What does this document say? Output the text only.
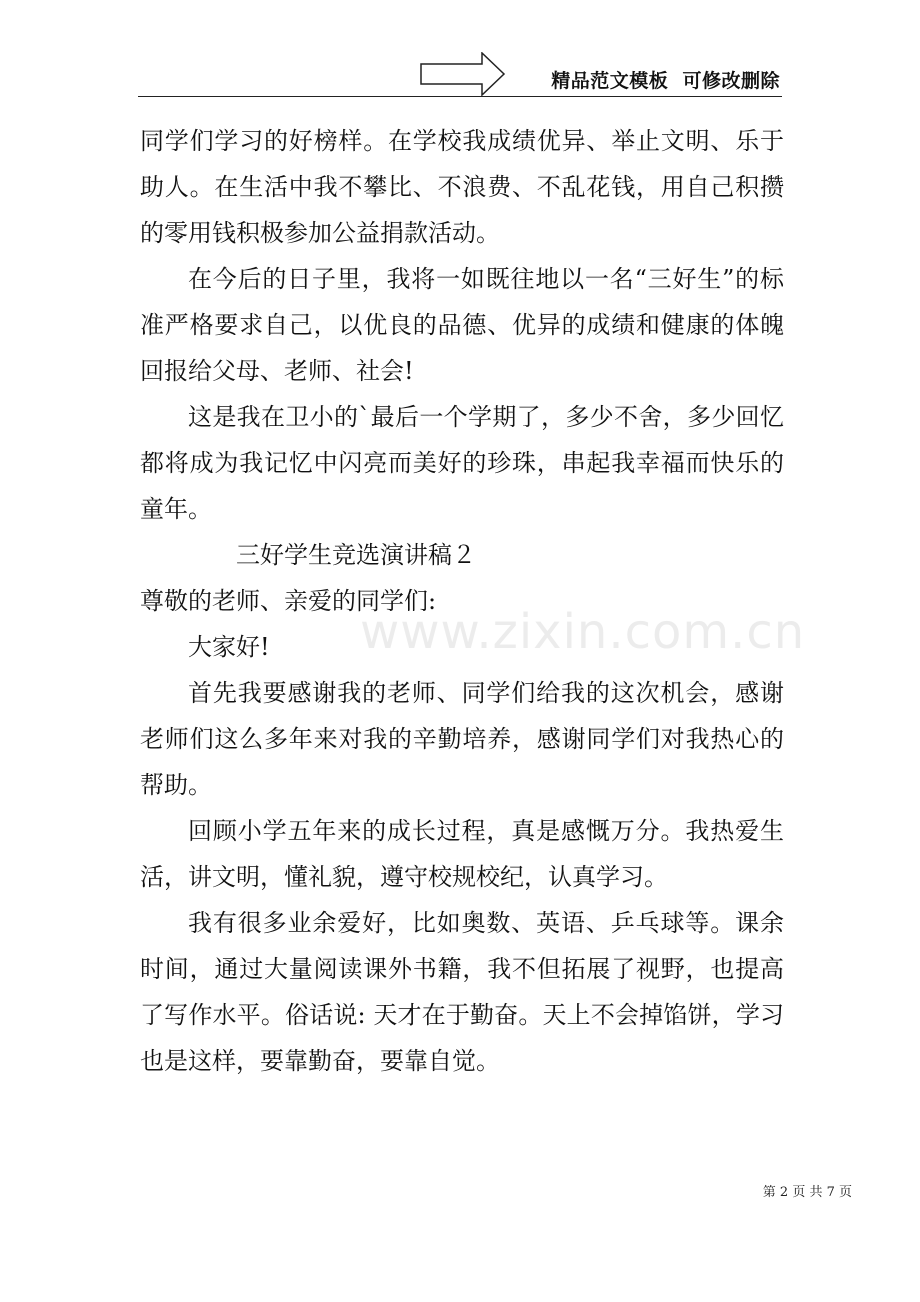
精品范文模板  可修改删除

同学们学习的好榜样。在学校我成绩优异、举止文明、乐于助人。在生活中我不攀比、不浪费、不乱花钱，用自己积攒的零用钱积极参加公益捐款活动。

在今后的日子里，我将一如既往地以一名“三好生”的标准严格要求自己，以优良的品德、优异的成绩和健康的体魄回报给父母、老师、社会!

这是我在卫小的`最后一个学期了，多少不舍，多少回忆都将成为我记忆中闪亮而美好的珍珠，串起我幸福而快乐的童年。

三好学生竞选演讲稿２

尊敬的老师、亲爱的同学们:

大家好!

首先我要感谢我的老师、同学们给我的这次机会，感谢老师们这么多年来对我的辛勤培养，感谢同学们对我热心的帮助。

回顾小学五年来的成长过程，真是感慨万分。我热爱生活，讲文明，懂礼貌，遵守校规校纪，认真学习。

我有很多业余爱好，比如奥数、英语、乒乓球等。课余时间，通过大量阅读课外书籍，我不但拓展了视野，也提高了写作水平。俗话说: 天才在于勤奋。天上不会掉馅饼，学习也是这样，要靠勤奋，要靠自觉。

www.zixin.com.cn
第 2 页 共 7 页
